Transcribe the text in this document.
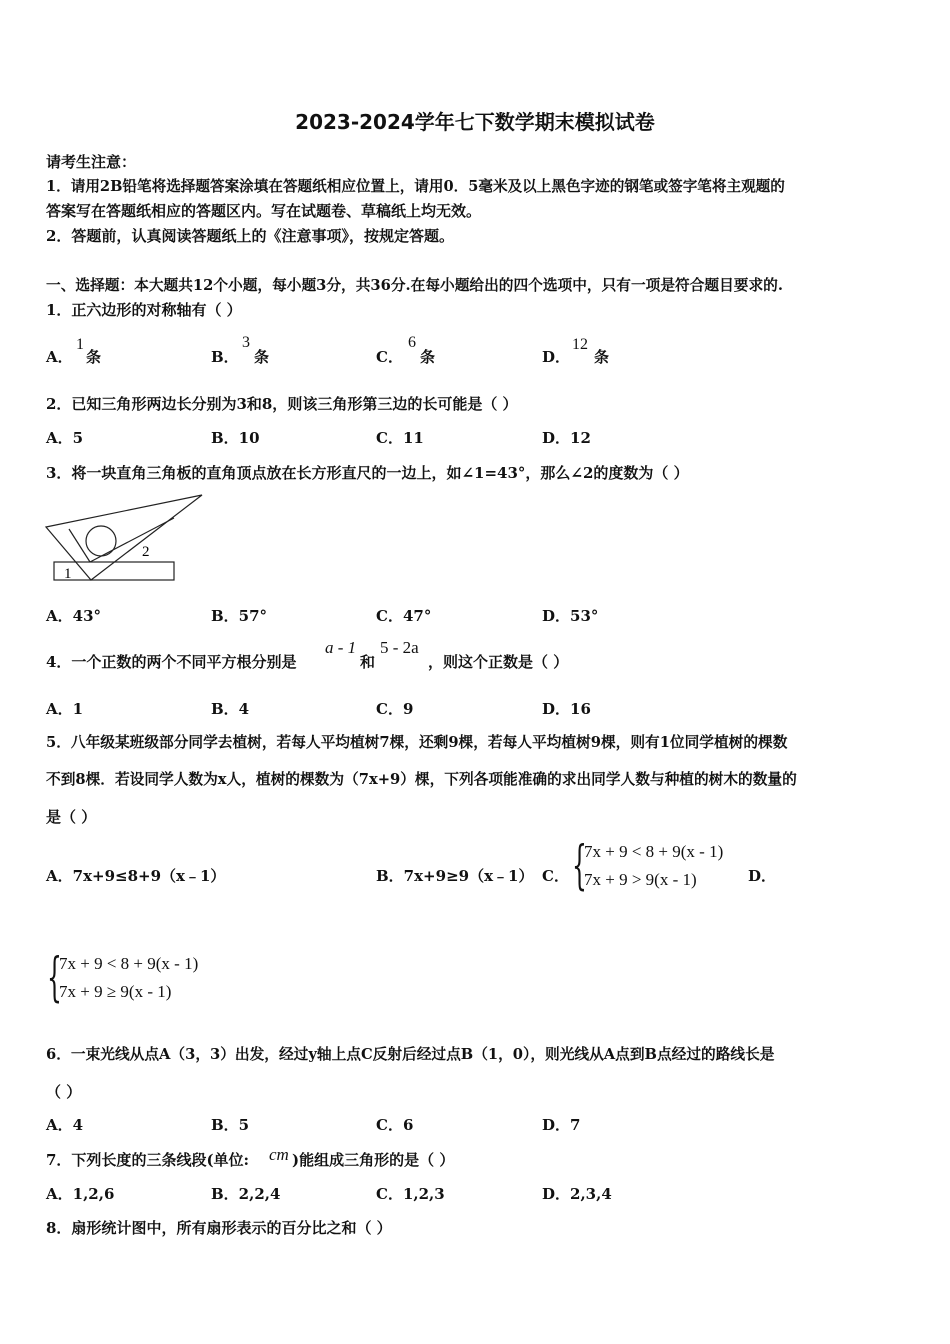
2023-2024学年七下数学期末模拟试卷
请考生注意：
1．请用2B铅笔将选择题答案涂填在答题纸相应位置上，请用0．5毫米及以上黑色字迹的钢笔或签字笔将主观题的
答案写在答题纸相应的答题区内。写在试题卷、草稿纸上均无效。
2．答题前，认真阅读答题纸上的《注意事项》，按规定答题。
一、选择题：本大题共12个小题，每小题3分，共36分.在每小题给出的四个选项中，只有一项是符合题目要求的.
1．正六边形的对称轴有（ ）
A．
1
条	B．
3
条	C．
6
条	D．
12
条
2．已知三角形两边长分别为3和8，则该三角形第三边的长可能是（ ）
A．5	B．10	C．11	D．12
3．将一块直角三角板的直角顶点放在长方形直尺的一边上，如∠1=43°，那么∠2的度数为（ ）
1
2
A．43°	B．57°	C．47°	D．53°
4．一个正数的两个不同平方根分别是
a - 1
和
5 - 2a
，则这个正数是（ ）
A．1	B．4	C．9	D．16
5．八年级某班级部分同学去植树，若每人平均植树7棵，还剩9棵，若每人平均植树9棵，则有1位同学植树的棵数
不到8棵．若设同学人数为x人，植树的棵数为（7x+9）棵，下列各项能准确的求出同学人数与种植的树木的数量的
是（ ）
A．7x+9≤8+9（x﹣1）	B．7x+9≥9（x﹣1） C． {
7x + 9 < 8 + 9(x - 1)
7x + 9 > 9(x - 1)	D．
{
7x + 9 < 8 + 9(x - 1)
7x + 9 ≥ 9(x - 1)
6．一束光线从点A（3，3）出发，经过y轴上点C反射后经过点B（1，0），则光线从A点到B点经过的路线长是
（ ）
A．4	B．5	C．6	D．7
7．下列长度的三条线段(单位: cm )能组成三角形的是（ ）
A．1,2,6	B．2,2,4	C．1,2,3	D．2,3,4
8．扇形统计图中，所有扇形表示的百分比之和（ ）
